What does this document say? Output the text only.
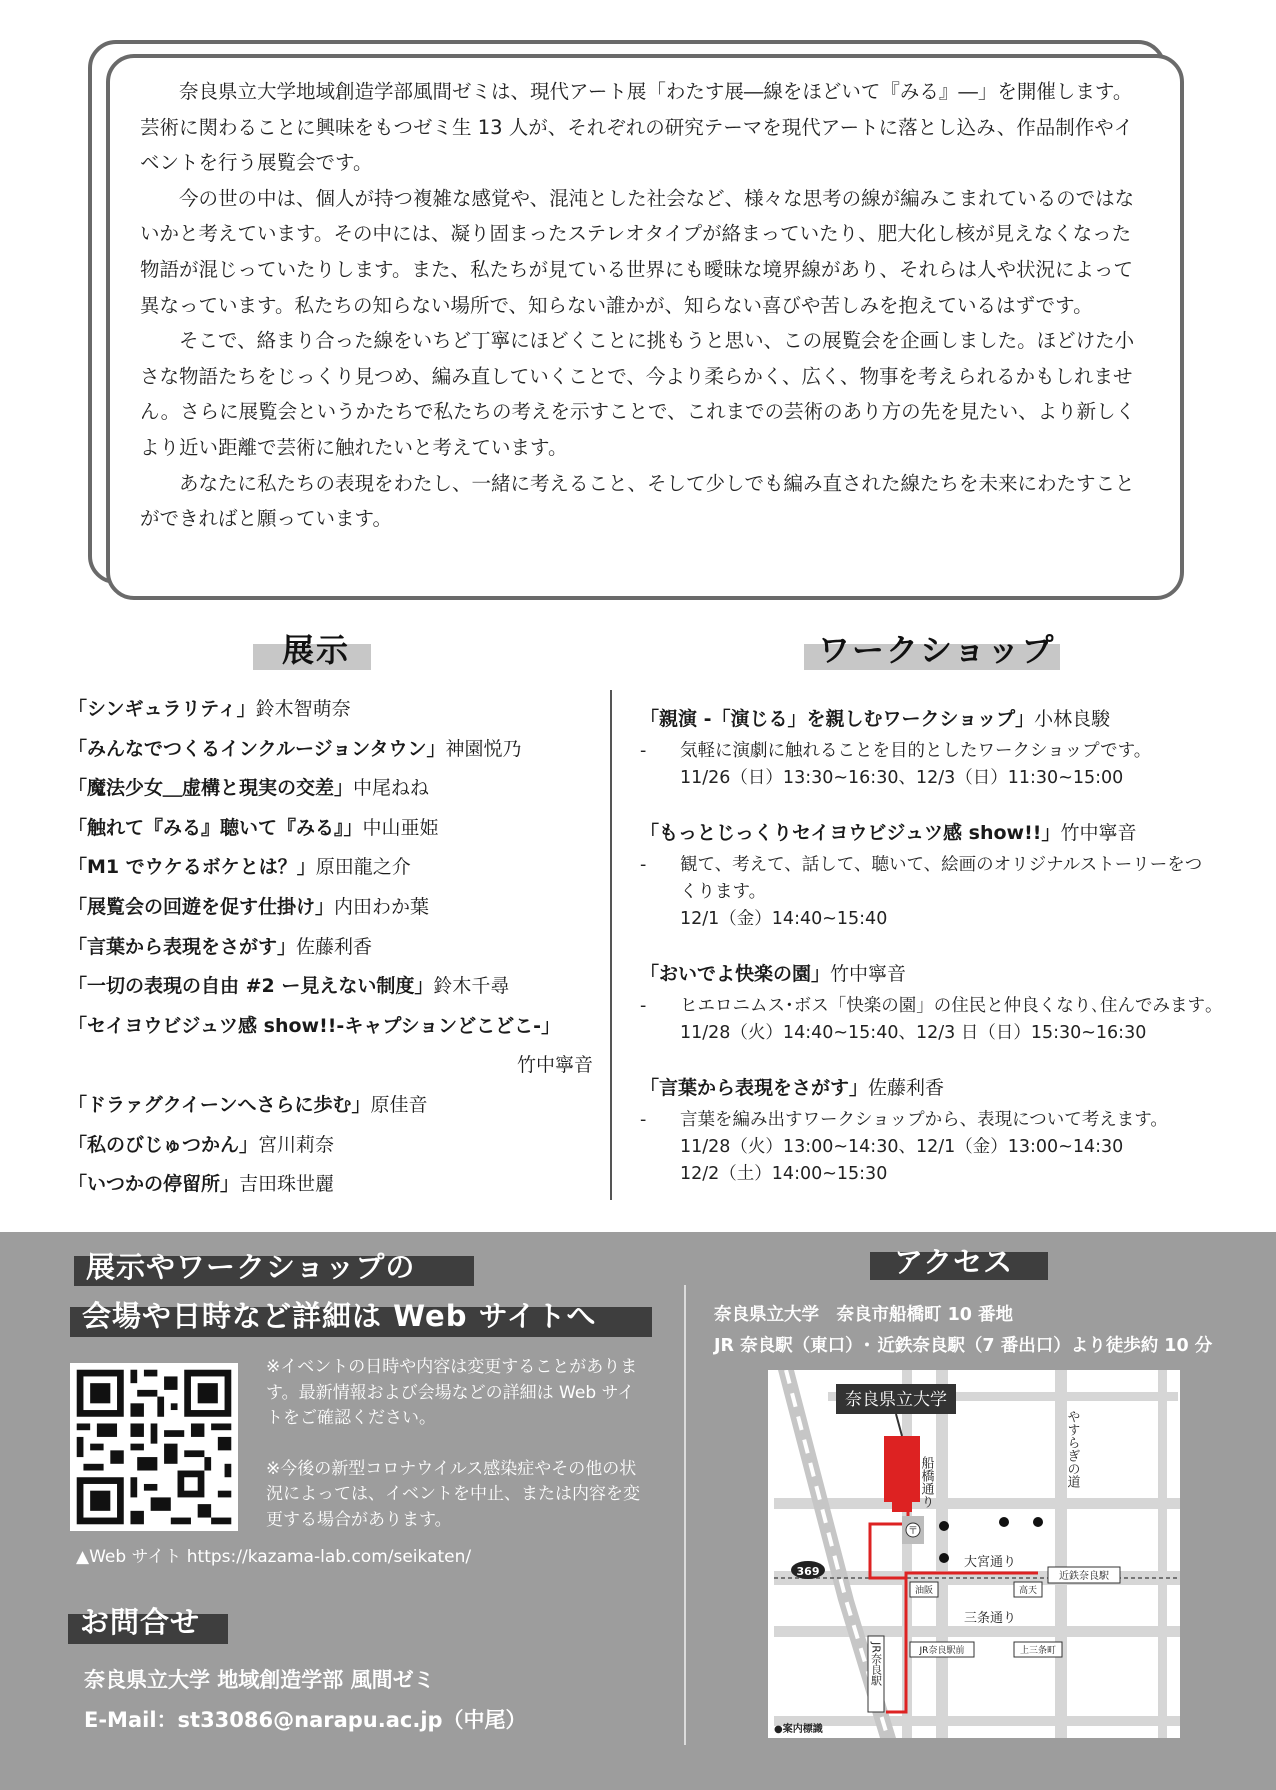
奈良県立大学地域創造学部風間ゼミは、現代アート展「わたす展―線をほどいて『みる』―」を開催します。芸術に関わることに興味をもつゼミ生 13 人が、それぞれの研究テーマを現代アートに落とし込み、作品制作やイベントを行う展覧会です。

今の世の中は、個人が持つ複雑な感覚や、混沌とした社会など、様々な思考の線が編みこまれているのではないかと考えています。その中には、凝り固まったステレオタイプが絡まっていたり、肥大化し核が見えなくなった物語が混じっていたりします。また、私たちが見ている世界にも曖昧な境界線があり、それらは人や状況によって異なっています。私たちの知らない場所で、知らない誰かが、知らない喜びや苦しみを抱えているはずです。

そこで、絡まり合った線をいちど丁寧にほどくことに挑もうと思い、この展覧会を企画しました。ほどけた小さな物語たちをじっくり見つめ、編み直していくことで、今より柔らかく、広く、物事を考えられるかもしれません。さらに展覧会というかたちで私たちの考えを示すことで、これまでの芸術のあり方の先を見たい、より新しくより近い距離で芸術に触れたいと考えています。

あなたに私たちの表現をわたし、一緒に考えること、そして少しでも編み直された線たちを未来にわたすことができればと願っています。

展示	ワークショップ
「シンギュラリティ」鈴木智萌奈
「みんなでつくるインクルージョンタウン」神園悦乃
「魔法少女＿虚構と現実の交差」中尾ねね
「触れて『みる』聴いて『みる』」中山亜姫
「M1 でウケるボケとは？」原田龍之介
「展覧会の回遊を促す仕掛け」内田わか葉
「言葉から表現をさがす」佐藤利香
「一切の表現の自由 #2 ー見えない制度」鈴木千尋
「セイヨウビジュツ感 show!!-キャプションどこどこ-」
竹中寧音
「ドラァグクイーンへさらに歩む」原佳音
「私のびじゅつかん」宮川莉奈
「いつかの停留所」吉田珠世麗
「親演 -「演じる」を親しむワークショップ」小林良駿
- 気軽に演劇に触れることを目的としたワークショップです。
11/26（日）13:30~16:30、12/3（日）11:30~15:00
「もっとじっくりセイヨウビジュツ感 show!!」竹中寧音
- 観て、考えて、話して、聴いて、絵画のオリジナルストーリーをつくります。
12/1（金）14:40~15:40
「おいでよ快楽の園」竹中寧音
- ヒエロニムス･ボス「快楽の園」の住民と仲良くなり､住んでみます｡
11/28（火）14:40~15:40、12/3 日（日）15:30~16:30
「言葉から表現をさがす」佐藤利香
- 言葉を編み出すワークショップから、表現について考えます。
11/28（火）13:00~14:30、12/1（金）13:00~14:30
12/2（土）14:00~15:30
展示やワークショップの
会場や日時など詳細は Web サイトへ

※イベントの日時や内容は変更することがあります。最新情報および会場などの詳細は Web サイトをご確認ください。

※今後の新型コロナウイルス感染症やその他の状況によっては、イベントを中止、または内容を変更する場合があります。

▲Web サイト https://kazama-lab.com/seikaten/
お問合せ
奈良県立大学 地域創造学部 風間ゼミ
E-Mail：st33086@narapu.ac.jp（中尾）
アクセス
奈良県立大学　奈良市船橋町 10 番地
JR 奈良駅（東口）･ 近鉄奈良駅（7 番出口）より徒歩約 10 分
奈良県立大学
船橋通り	やすらぎの道
大宮通り
三条通り
〒
369	近鉄奈良駅
油阪	高天
JR奈良駅前	上三条町
JR奈良駅
●案内標識
